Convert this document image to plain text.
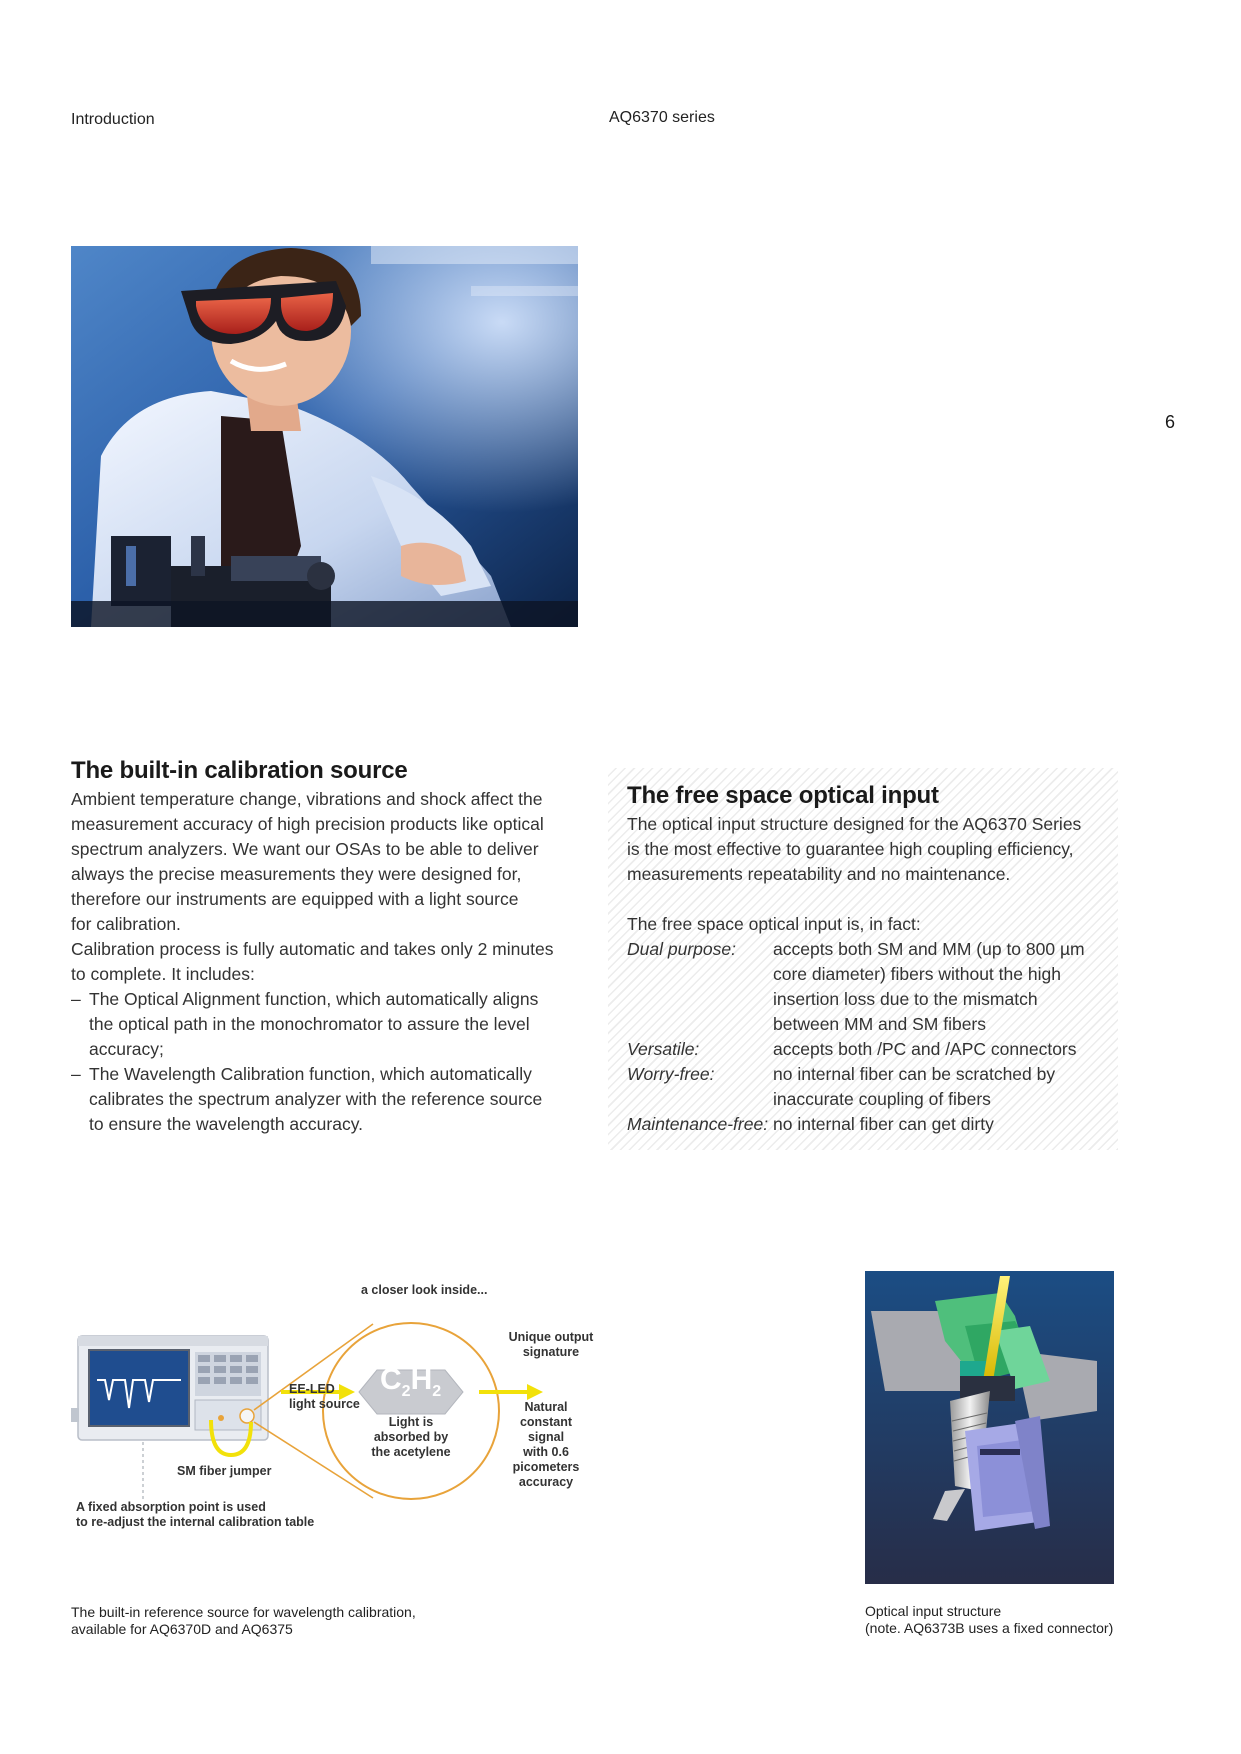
Introduction	AQ6370 series
6
The built-in calibration source

Ambient temperature change, vibrations and shock affect the

measurement accuracy of high precision products like optical

spectrum analyzers. We want our OSAs to be able to deliver

always the precise measurements they were designed for,

therefore our instruments are equipped with a light source

for calibration.

Calibration process is fully automatic and takes only 2 minutes

to complete. It includes:

– The Optical Alignment function, which automatically aligns

the optical path in the monochromator to assure the level

accuracy;

– The Wavelength Calibration function, which automatically

calibrates the spectrum analyzer with the reference source

to ensure the wavelength accuracy.

The free space optical input

The optical input structure designed for the AQ6370 Series

is the most effective to guarantee high coupling efficiency,

measurements repeatability and no maintenance.

The free space optical input is, in fact:

Dual purpose:	accepts both SM and MM (up to 800 µm

core diameter) fibers without the high

insertion loss due to the mismatch

between MM and SM fibers

Versatile:	accepts both /PC and /APC connectors

Worry-free:	no internal fiber can be scratched by

inaccurate coupling of fibers

Maintenance-free: no internal fiber can get dirty

a closer look inside...
Unique output
signature
EE-LED
light source
$C_2H_2$
Light is
absorbed by
the acetylene
Natural
constant
signal
with 0.6
picometers
accuracy
SM fiber jumper
A fixed absorption point is used
to re-adjust the internal calibration table
The built-in reference source for wavelength calibration,
available for AQ6370D and AQ6375
Optical input structure
(note. AQ6373B uses a fixed connector)
